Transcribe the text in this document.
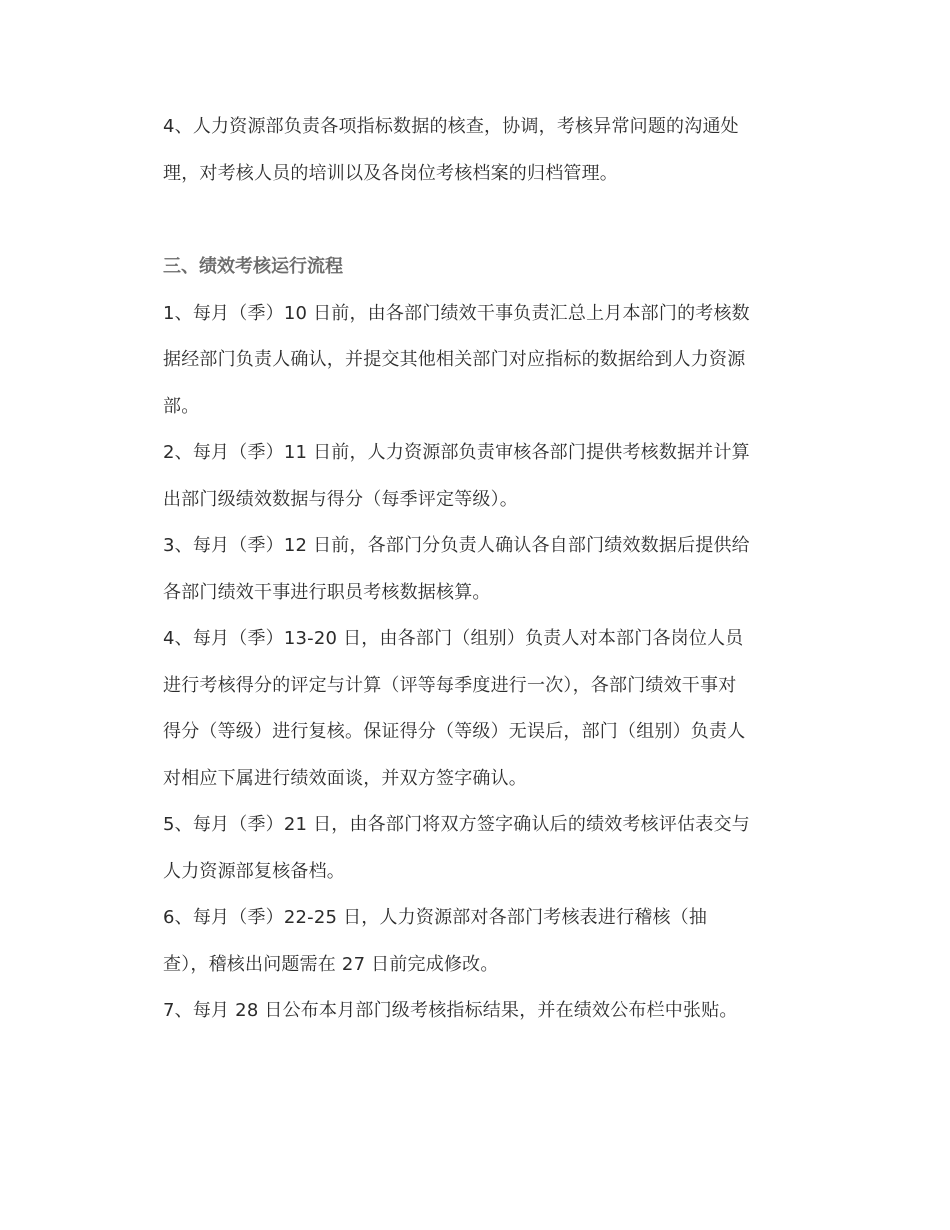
4、人力资源部负责各项指标数据的核查，协调，考核异常问题的沟通处
理，对考核人员的培训以及各岗位考核档案的归档管理。

三、绩效考核运行流程

1、每月（季）10 日前，由各部门绩效干事负责汇总上月本部门的考核数
据经部门负责人确认，并提交其他相关部门对应指标的数据给到人力资源
部。

2、每月（季）11 日前，人力资源部负责审核各部门提供考核数据并计算
出部门级绩效数据与得分（每季评定等级）。

3、每月（季）12 日前，各部门分负责人确认各自部门绩效数据后提供给
各部门绩效干事进行职员考核数据核算。

4、每月（季）13-20 日，由各部门（组别）负责人对本部门各岗位人员
进行考核得分的评定与计算（评等每季度进行一次），各部门绩效干事对
得分（等级）进行复核。保证得分（等级）无误后，部门（组别）负责人
对相应下属进行绩效面谈，并双方签字确认。

5、每月（季）21 日，由各部门将双方签字确认后的绩效考核评估表交与
人力资源部复核备档。

6、每月（季）22-25 日，人力资源部对各部门考核表进行稽核（抽
查），稽核出问题需在 27 日前完成修改。

7、每月 28 日公布本月部门级考核指标结果，并在绩效公布栏中张贴。
